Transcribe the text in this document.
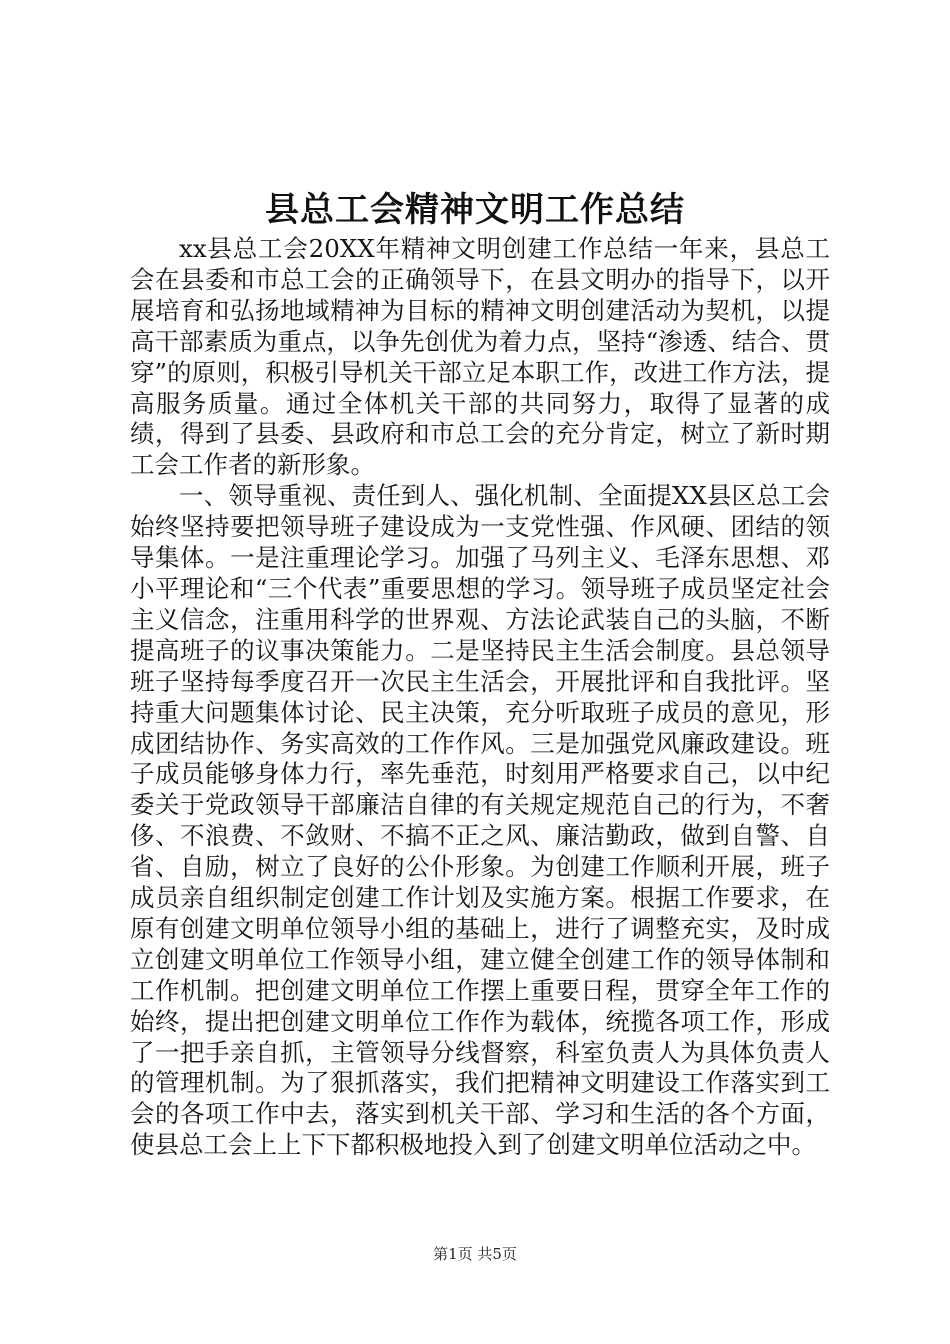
县总工会精神文明工作总结

xx县总工会20XX年精神文明创建工作总结一年来，县总工会在县委和市总工会的正确领导下，在县文明办的指导下，以开展培育和弘扬地域精神为目标的精神文明创建活动为契机，以提高干部素质为重点，以争先创优为着力点，坚持“渗透、结合、贯穿”的原则，积极引导机关干部立足本职工作，改进工作方法，提高服务质量。通过全体机关干部的共同努力，取得了显著的成绩，得到了县委、县政府和市总工会的充分肯定，树立了新时期工会工作者的新形象。

一、领导重视、责任到人、强化机制、全面提XX县区总工会始终坚持要把领导班子建设成为一支党性强、作风硬、团结的领导集体。一是注重理论学习。加强了马列主义、毛泽东思想、邓小平理论和“三个代表”重要思想的学习。领导班子成员坚定社会主义信念，注重用科学的世界观、方法论武装自己的头脑，不断提高班子的议事决策能力。二是坚持民主生活会制度。县总领导班子坚持每季度召开一次民主生活会，开展批评和自我批评。坚持重大问题集体讨论、民主决策，充分听取班子成员的意见，形成团结协作、务实高效的工作作风。三是加强党风廉政建设。班子成员能够身体力行，率先垂范，时刻用严格要求自己，以中纪委关于党政领导干部廉洁自律的有关规定规范自己的行为，不奢侈、不浪费、不敛财、不搞不正之风、廉洁勤政，做到自警、自省、自励，树立了良好的公仆形象。为创建工作顺利开展，班子成员亲自组织制定创建工作计划及实施方案。根据工作要求，在原有创建文明单位领导小组的基础上，进行了调整充实，及时成立创建文明单位工作领导小组，建立健全创建工作的领导体制和工作机制。把创建文明单位工作摆上重要日程，贯穿全年工作的始终，提出把创建文明单位工作作为载体，统揽各项工作，形成了一把手亲自抓，主管领导分线督察，科室负责人为具体负责人的管理机制。为了狠抓落实，我们把精神文明建设工作落实到工会的各项工作中去，落实到机关干部、学习和生活的各个方面，使县总工会上上下下都积极地投入到了创建文明单位活动之中。

第1页 共5页
